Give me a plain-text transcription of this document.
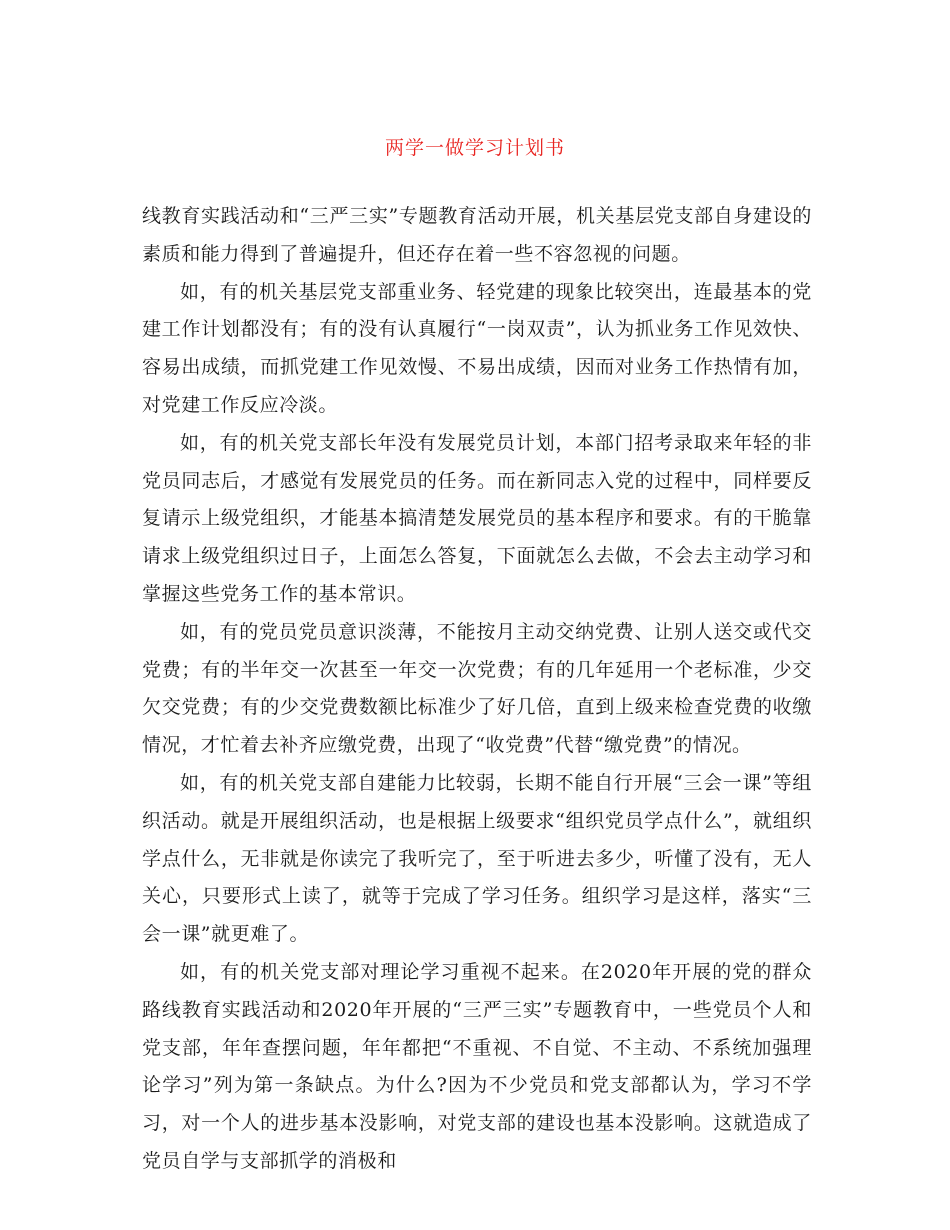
两学一做学习计划书

线教育实践活动和“三严三实”专题教育活动开展，机关基层党支部自身建设的素质和能力得到了普遍提升，但还存在着一些不容忽视的问题。

如，有的机关基层党支部重业务、轻党建的现象比较突出，连最基本的党建工作计划都没有；有的没有认真履行“一岗双责”，认为抓业务工作见效快、容易出成绩，而抓党建工作见效慢、不易出成绩，因而对业务工作热情有加，对党建工作反应冷淡。

如，有的机关党支部长年没有发展党员计划，本部门招考录取来年轻的非党员同志后，才感觉有发展党员的任务。而在新同志入党的过程中，同样要反复请示上级党组织，才能基本搞清楚发展党员的基本程序和要求。有的干脆靠请求上级党组织过日子，上面怎么答复，下面就怎么去做，不会去主动学习和掌握这些党务工作的基本常识。

如，有的党员党员意识淡薄，不能按月主动交纳党费、让别人送交或代交党费；有的半年交一次甚至一年交一次党费；有的几年延用一个老标准，少交欠交党费；有的少交党费数额比标准少了好几倍，直到上级来检查党费的收缴情况，才忙着去补齐应缴党费，出现了“收党费”代替“缴党费”的情况。

如，有的机关党支部自建能力比较弱，长期不能自行开展“三会一课”等组织活动。就是开展组织活动，也是根据上级要求“组织党员学点什么”，就组织学点什么，无非就是你读完了我听完了，至于听进去多少，听懂了没有，无人关心，只要形式上读了，就等于完成了学习任务。组织学习是这样，落实“三会一课”就更难了。

如，有的机关党支部对理论学习重视不起来。在2020年开展的党的群众路线教育实践活动和2020年开展的“三严三实”专题教育中，一些党员个人和党支部，年年查摆问题，年年都把“不重视、不自觉、不主动、不系统加强理论学习”列为第一条缺点。为什么?因为不少党员和党支部都认为，学习不学习，对一个人的进步基本没影响，对党支部的建设也基本没影响。这就造成了党员自学与支部抓学的消极和
